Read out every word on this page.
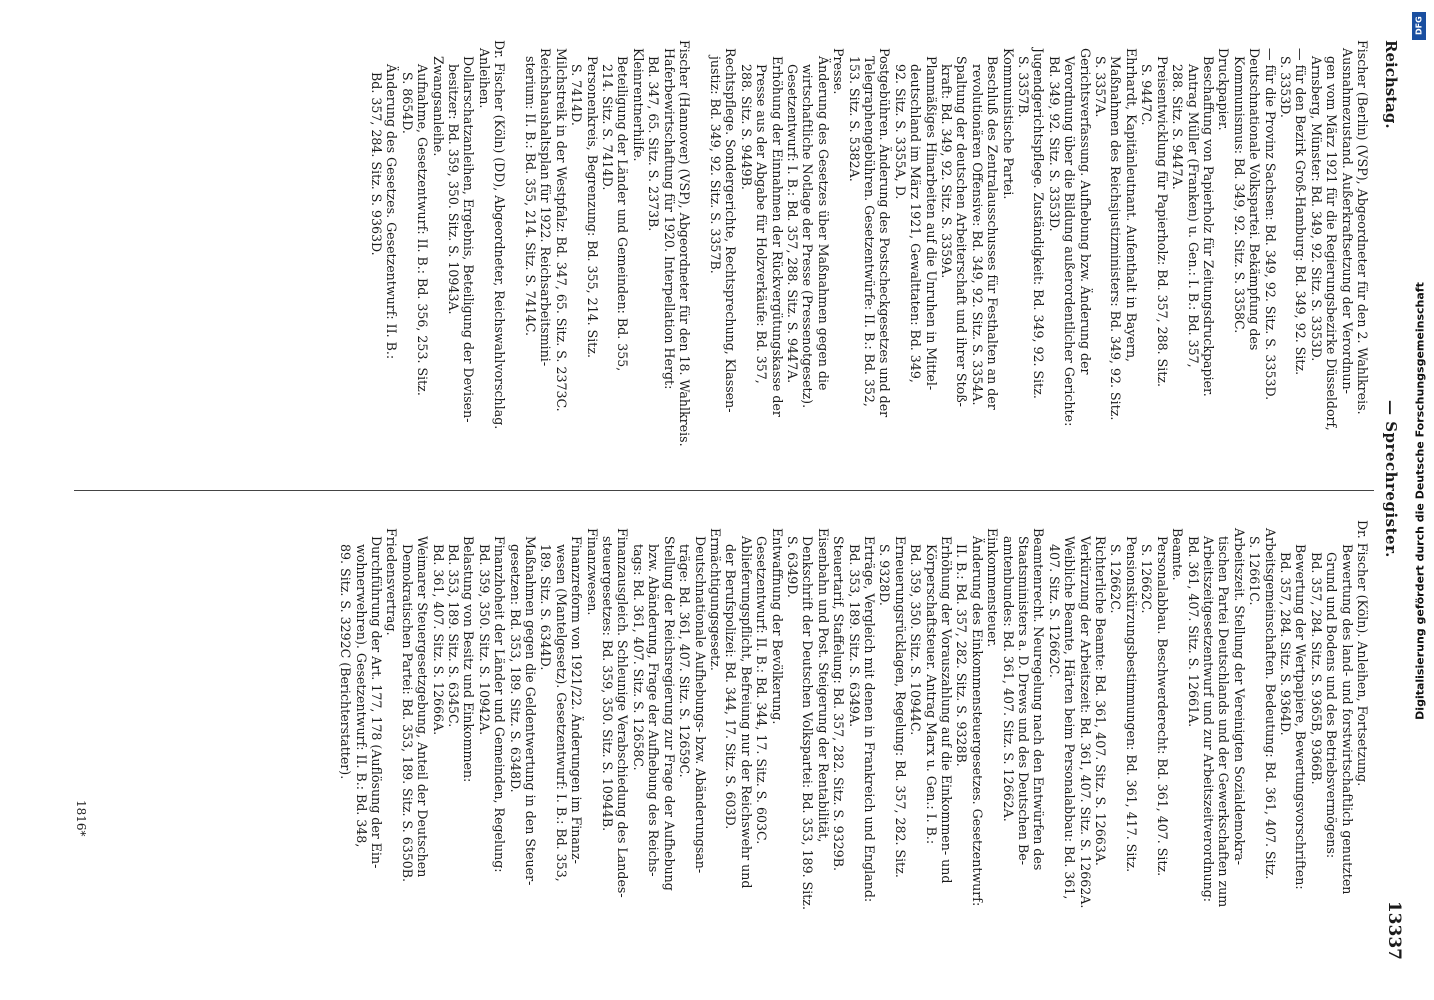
Reichstag.
— Sprechregister.
13337
Fischer (Berlin) (VSP), Abgeordneter für den 2. Wahlkreis.
Ausnahmezustand. Außerkraftsetzung der Verordnun-
gen vom März 1921 für die Regierungsbezirke Düsseldorf,
Arnsberg, Münster: Bd. 349, 92. Sitz. S. 3353D.
— für den Bezirk Groß-Hamburg: Bd. 349, 92. Sitz.
S. 3353D.
— für die Provinz Sachsen: Bd. 349, 92. Sitz. S. 3353D.
Deutschnationale Volkspartei. Bekämpfung des
Kommunismus: Bd. 349, 92. Sitz. S. 3358C.
Druckpapier.
Beschaffung von Papierholz für Zeitungsdruckpapier.
Antrag Müller (Franken) u. Gen.: I. B.: Bd. 357,
288. Sitz. S. 9447A.
Preisentwicklung für Papierholz: Bd. 357, 288. Sitz.
S. 9447C.
Ehrhardt, Kapitänleutnant. Aufenthalt in Bayern,
Maßnahmen des Reichsjustizministers: Bd. 349, 92. Sitz.
S. 3357A.
Gerichtsverfassung. Aufhebung bzw. Änderung der
Verordnung über die Bildung außerordentlicher Gerichte:
Bd. 349, 92. Sitz. S. 3353D.
Jugendgerichtspflege. Zuständigkeit: Bd. 349, 92. Sitz.
S. 3357B.
Kommunistische Partei.
Beschluß des Zentralausschusses für Festhalten an der
revolutionären Offensive: Bd. 349, 92. Sitz. S. 3354A.
Spaltung der deutschen Arbeiterschaft und ihrer Stoß-
kraft: Bd. 349, 92. Sitz. S. 3359A.
Planmäßiges Hinarbeiten auf die Unruhen in Mittel-
deutschland im März 1921, Gewalttaten: Bd. 349,
92. Sitz. S. 3355A, D.
Postgebühren. Änderung des Postscheckgesetzes und der
Telegraphengebühren. Gesetzentwürfe: II. B.: Bd. 352,
153. Sitz. S. 5382A.
Presse.
Änderung des Gesetzes über Maßnahmen gegen die
wirtschaftliche Notlage der Presse (Pressenotgesetz).
Gesetzentwurf: I. B.: Bd. 357, 288. Sitz. S. 9447A.
Erhöhung der Einnahmen der Rückvergütungskasse der
Presse aus der Abgabe für Holzverkäufe: Bd. 357,
288. Sitz. S. 9449B.
Rechtspflege. Sondergerichte, Rechtsprechung, Klassen-
justiz: Bd. 349, 92. Sitz. S. 3357B.

Fischer (Hannover) (VSP), Abgeordneter für den 18. Wahlkreis.
Haferbewirtschaftung für 1920. Interpellation Hergt:
Bd. 347, 65. Sitz. S. 2373B.
Kleinrentnerhilfe.
Beteiligung der Länder und Gemeinden: Bd. 355,
214. Sitz. S. 7414D.
Personenkreis, Begrenzung: Bd. 355, 214. Sitz.
S. 7414D.
Milchstreik in der Westpfalz: Bd. 347, 65. Sitz. S. 2373C.
Reichshaushaltsplan für 1922. Reichsarbeitsmini-
sterium: II. B.: Bd. 355, 214. Sitz. S. 7414C.

Dr. Fischer (Köln) (DD), Abgeordneter, Reichswahlvorschlag.
Anleihen.
Dollarschatzanleihen, Ergebnis, Beteiligung der Devisen-
besitzer: Bd. 359, 350. Sitz. S. 10943A.
Zwangsanleihe.
Aufnahme, Gesetzentwurf: II. B.: Bd. 356, 253. Sitz.
S. 8654D.
Änderung des Gesetzes. Gesetzentwurf: II. B.:
Bd. 357, 284. Sitz. S. 9363D.
Dr. Fischer (Köln). Anleihen, Fortsetzung.
Bewertung des land- und forstwirtschaftlich genutzten
Grund und Bodens und des Betriebsvermögens:
Bd. 357, 284. Sitz. S. 9365B, 9366B.
Bewertung der Wertpapiere, Bewertungsvorschriften:
Bd. 357, 284. Sitz. S. 9364D.
Arbeitsgemeinschaften. Bedeutung: Bd. 361, 407. Sitz.
S. 12661C.
Arbeitszeit. Stellung der Vereinigten Sozialdemokra-
tischen Partei Deutschlands und der Gewerkschaften zum
Arbeitszeitgesetzentwurf und zur Arbeitszeitverordnung:
Bd. 361, 407. Sitz. S. 12661A.
Beamte.
Personalabbau. Beschwerderecht: Bd. 361, 407. Sitz.
S. 12662C.
Pensionskürzungsbestimmungen: Bd. 361, 417. Sitz.
S. 12662C.
Richterliche Beamte: Bd. 361, 407. Sitz. S. 12663A.
Verkürzung der Arbeitszeit: Bd. 361, 407. Sitz. S. 12662A.
Weibliche Beamte, Härten beim Personalabbau: Bd. 361,
407. Sitz. S. 12662C.
Beamtenrecht. Neuregelung nach den Entwürfen des
Staatsministers a. D. Drews und des Deutschen Be-
amtenbundes: Bd. 361, 407. Sitz. S. 12662A.
Einkommensteuer.
Änderung des Einkommensteuergesetzes. Gesetzentwurf:
II. B.: Bd. 357, 282. Sitz. S. 9328B.
Erhöhung der Vorauszahlung auf die Einkommen- und
Körperschaftsteuer. Antrag Marx u. Gen.: I. B.:
Bd. 359, 350. Sitz. S. 10944C.
Erneuerungsrücklagen, Regelung: Bd. 357, 282. Sitz.
S. 9328D.
Erträge, Vergleich mit denen in Frankreich und England:
Bd. 353, 189. Sitz. S. 6349A.
Steuertarif, Staffelung: Bd. 357, 282. Sitz. S. 9329B.
Eisenbahn und Post. Steigerung der Rentabilität,
Denkschrift der Deutschen Volkspartei: Bd. 353, 189. Sitz.
S. 6349D.
Entwaffnung der Bevölkerung.
Gesetzentwurf: II. B.: Bd. 344, 17. Sitz. S. 603C.
Ablieferungspflicht, Befreiung nur der Reichswehr und
der Berufspolizei: Bd. 344, 17. Sitz. S. 603D.
Ermächtigungsgesetz.
Deutschnationale Aufhebungs- bzw. Abänderungsan-
träge: Bd. 361, 407. Sitz. S. 12659C.
Stellung der Reichsregierung zur Frage der Aufhebung
bzw. Abänderung, Frage der Aufhebung des Reichs-
tags: Bd. 361, 407. Sitz. S. 12658C.
Finanzausgleich. Schleunige Verabschiedung des Landes-
steuergesetzes: Bd. 359, 350. Sitz. S. 10944B.
Finanzwesen.
Finanzreform von 1921/22. Änderungen im Finanz-
wesen (Mantelgesetz). Gesetzentwurf: I. B.: Bd. 353,
189. Sitz. S. 6344D.
Maßnahmen gegen die Geldentwertung in den Steuer-
gesetzen: Bd. 353, 189. Sitz. S. 6348D.
Finanzhoheit der Länder und Gemeinden, Regelung:
Bd. 359, 350. Sitz. S. 10942A.
Belastung von Besitz und Einkommen:
Bd. 353, 189. Sitz. S. 6345C.
Bd. 361, 407. Sitz. S. 12666A.
Weimarer Steuergesetzgebung, Anteil der Deutschen
Demokratischen Partei: Bd. 353, 189. Sitz. S. 6350B.
Friedensvertrag.
Durchführung der Art. 177, 178 (Auflösung der Ein-
wohnerwehren). Gesetzentwurf: II. B.: Bd. 348,
89. Sitz. S. 3292C (Berichterstatter).
1816*
DFG
Digitalisierung gefördert durch die Deutsche Forschungsgemeinschaft
